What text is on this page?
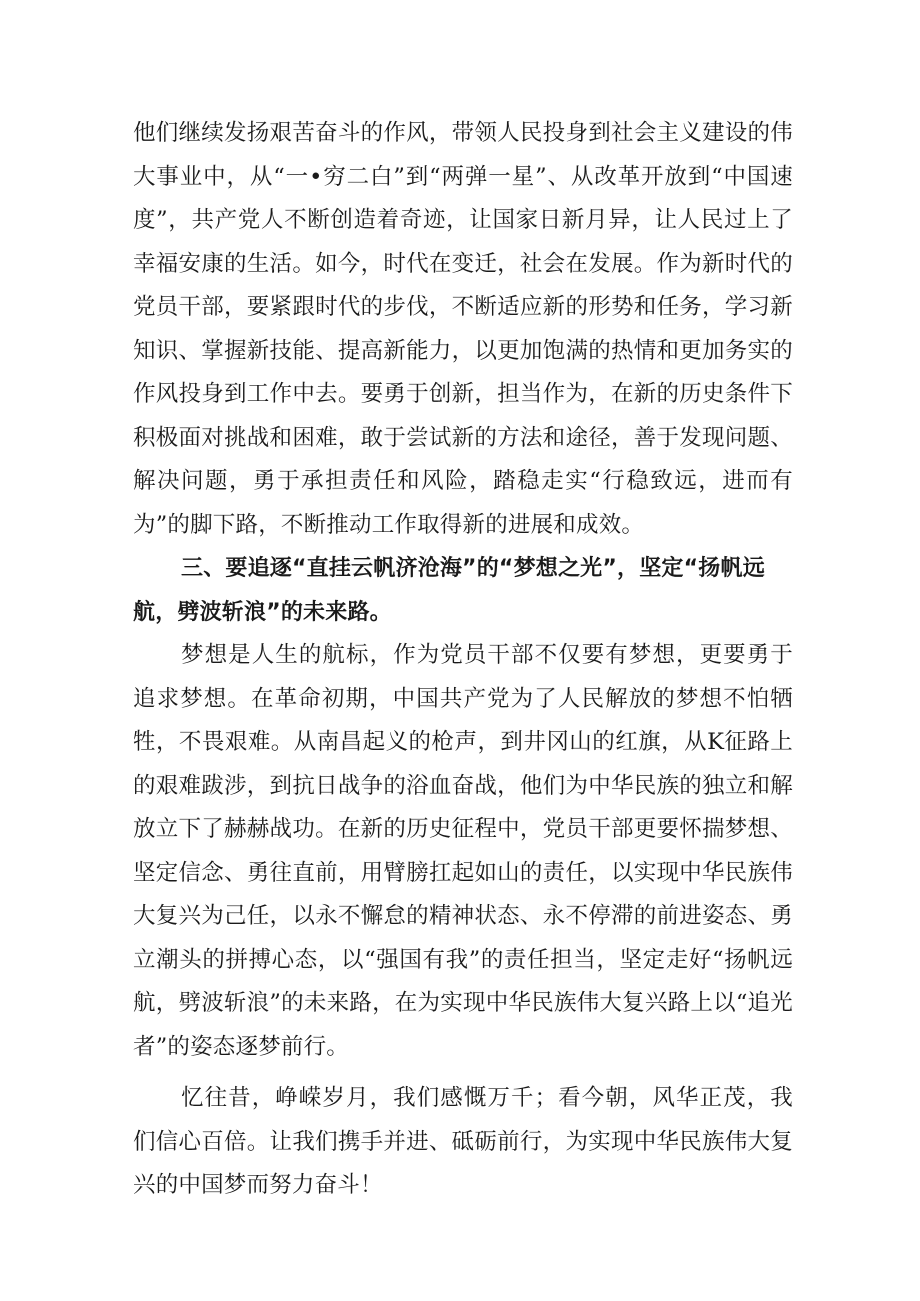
他们继续发扬艰苦奋斗的作风，带领人民投身到社会主义建设的伟大事业中，从“一•穷二白”到“两弹一星”、从改革开放到“中国速度”，共产党人不断创造着奇迹，让国家日新月异，让人民过上了幸福安康的生活。如今，时代在变迁，社会在发展。作为新时代的党员干部，要紧跟时代的步伐，不断适应新的形势和任务，学习新知识、掌握新技能、提高新能力，以更加饱满的热情和更加务实的作风投身到工作中去。要勇于创新，担当作为，在新的历史条件下积极面对挑战和困难，敢于尝试新的方法和途径，善于发现问题、解决问题，勇于承担责任和风险，踏稳走实“行稳致远，进而有为”的脚下路，不断推动工作取得新的进展和成效。

三、要追逐“直挂云帆济沧海”的“梦想之光”，坚定“扬帆远航，劈波斩浪”的未来路。

梦想是人生的航标，作为党员干部不仅要有梦想，更要勇于追求梦想。在革命初期，中国共产党为了人民解放的梦想不怕牺牲，不畏艰难。从南昌起义的枪声，到井冈山的红旗，从K征路上的艰难跋涉，到抗日战争的浴血奋战，他们为中华民族的独立和解放立下了赫赫战功。在新的历史征程中，党员干部更要怀揣梦想、坚定信念、勇往直前，用臂膀扛起如山的责任，以实现中华民族伟大复兴为己任，以永不懈怠的精神状态、永不停滞的前进姿态、勇立潮头的拼搏心态，以“强国有我”的责任担当，坚定走好“扬帆远航，劈波斩浪”的未来路，在为实现中华民族伟大复兴路上以“追光者”的姿态逐梦前行。

忆往昔，峥嵘岁月，我们感慨万千；看今朝，风华正茂，我们信心百倍。让我们携手并进、砥砺前行，为实现中华民族伟大复兴的中国梦而努力奋斗！
